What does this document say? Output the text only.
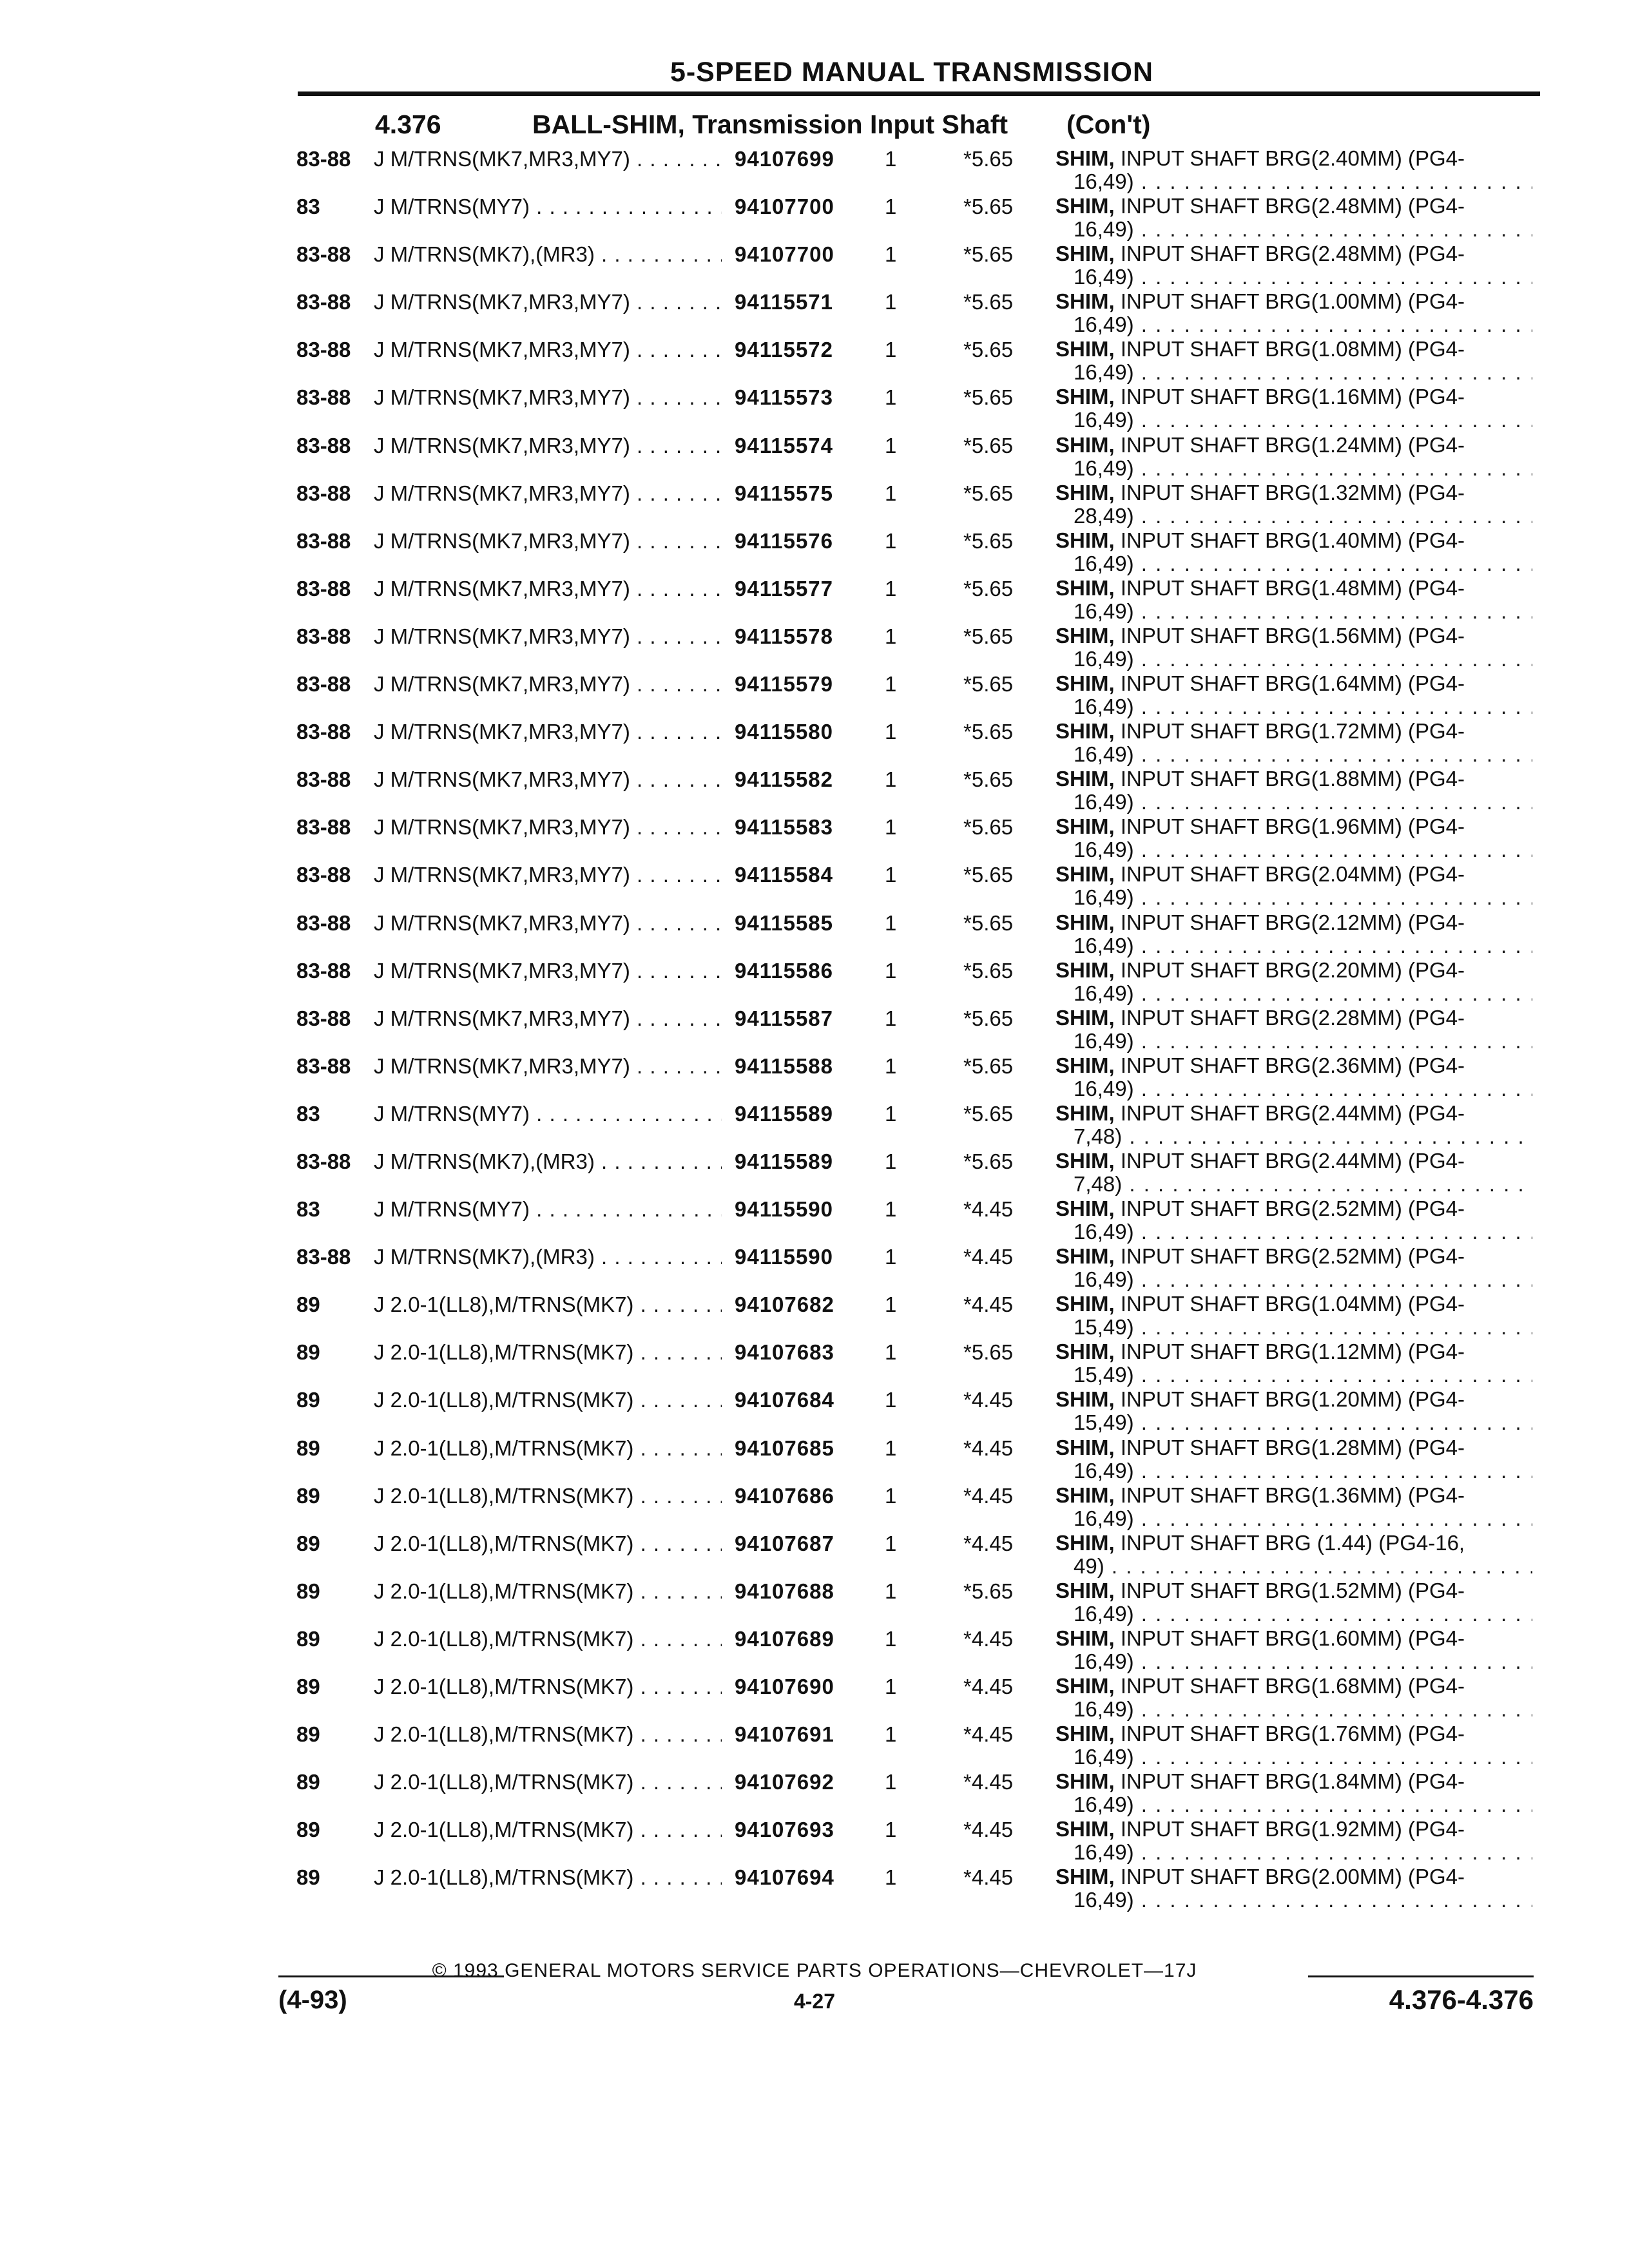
5-SPEED MANUAL TRANSMISSION
4.376	BALL-SHIM, Transmission Input Shaft (Con't)
83-88 J M/TRNS(MK7,MR3,MY7) . . .	94107699 1	*5.65 SHIM, INPUT SHAFT BRG(2.40MM) (PG4-
16,49) . . .
83	J M/TRNS(MY7) . . .	94107700 1	*5.65 SHIM, INPUT SHAFT BRG(2.48MM) (PG4-
16,49) . . .
83-88 J M/TRNS(MK7),(MR3) . . .	94107700 1	*5.65 SHIM, INPUT SHAFT BRG(2.48MM) (PG4-
16,49) . . .
83-88 J M/TRNS(MK7,MR3,MY7) . . .	94115571 1	*5.65 SHIM, INPUT SHAFT BRG(1.00MM) (PG4-
16,49) . . .
83-88 J M/TRNS(MK7,MR3,MY7) . . .	94115572 1	*5.65 SHIM, INPUT SHAFT BRG(1.08MM) (PG4-
16,49) . . .
83-88 J M/TRNS(MK7,MR3,MY7) . . .	94115573 1	*5.65 SHIM, INPUT SHAFT BRG(1.16MM) (PG4-
16,49) . . .
83-88 J M/TRNS(MK7,MR3,MY7) . . .	94115574 1	*5.65 SHIM, INPUT SHAFT BRG(1.24MM) (PG4-
16,49) . . .
83-88 J M/TRNS(MK7,MR3,MY7) . . .	94115575 1	*5.65 SHIM, INPUT SHAFT BRG(1.32MM) (PG4-
28,49) . . .
83-88 J M/TRNS(MK7,MR3,MY7) . . .	94115576 1	*5.65 SHIM, INPUT SHAFT BRG(1.40MM) (PG4-
16,49) . . .
83-88 J M/TRNS(MK7,MR3,MY7) . . .	94115577 1	*5.65 SHIM, INPUT SHAFT BRG(1.48MM) (PG4-
16,49) . . .
83-88 J M/TRNS(MK7,MR3,MY7) . . .	94115578 1	*5.65 SHIM, INPUT SHAFT BRG(1.56MM) (PG4-
16,49) . . .
83-88 J M/TRNS(MK7,MR3,MY7) . . .	94115579 1	*5.65 SHIM, INPUT SHAFT BRG(1.64MM) (PG4-
16,49) . . .
83-88 J M/TRNS(MK7,MR3,MY7) . . .	94115580 1	*5.65 SHIM, INPUT SHAFT BRG(1.72MM) (PG4-
16,49) . . .
83-88 J M/TRNS(MK7,MR3,MY7) . . .	94115582 1	*5.65 SHIM, INPUT SHAFT BRG(1.88MM) (PG4-
16,49) . . .
83-88 J M/TRNS(MK7,MR3,MY7) . . .	94115583 1	*5.65 SHIM, INPUT SHAFT BRG(1.96MM) (PG4-
16,49) . . .
83-88 J M/TRNS(MK7,MR3,MY7) . . .	94115584 1	*5.65 SHIM, INPUT SHAFT BRG(2.04MM) (PG4-
16,49) . . .
83-88 J M/TRNS(MK7,MR3,MY7) . . .	94115585 1	*5.65 SHIM, INPUT SHAFT BRG(2.12MM) (PG4-
16,49) . . .
83-88 J M/TRNS(MK7,MR3,MY7) . . .	94115586 1	*5.65 SHIM, INPUT SHAFT BRG(2.20MM) (PG4-
16,49) . . .
83-88 J M/TRNS(MK7,MR3,MY7) . . .	94115587 1	*5.65 SHIM, INPUT SHAFT BRG(2.28MM) (PG4-
16,49) . . .
83-88 J M/TRNS(MK7,MR3,MY7) . . .	94115588 1	*5.65 SHIM, INPUT SHAFT BRG(2.36MM) (PG4-
16,49) . . .
83	J M/TRNS(MY7) . . .	94115589 1	*5.65 SHIM, INPUT SHAFT BRG(2.44MM) (PG4-
7,48) . . .
83-88 J M/TRNS(MK7),(MR3) . . .	94115589 1	*5.65 SHIM, INPUT SHAFT BRG(2.44MM) (PG4-
7,48) . . .
83	J M/TRNS(MY7) . . .	94115590 1	*4.45 SHIM, INPUT SHAFT BRG(2.52MM) (PG4-
16,49) . . .
83-88 J M/TRNS(MK7),(MR3) . . .	94115590 1	*4.45 SHIM, INPUT SHAFT BRG(2.52MM) (PG4-
16,49) . . .
89	J 2.0-1(LL8),M/TRNS(MK7) . . .	94107682 1	*4.45 SHIM, INPUT SHAFT BRG(1.04MM) (PG4-
15,49) . . .
89	J 2.0-1(LL8),M/TRNS(MK7) . . .	94107683 1	*5.65 SHIM, INPUT SHAFT BRG(1.12MM) (PG4-
15,49) . . .
89	J 2.0-1(LL8),M/TRNS(MK7) . . .	94107684 1	*4.45 SHIM, INPUT SHAFT BRG(1.20MM) (PG4-
15,49) . . .
89	J 2.0-1(LL8),M/TRNS(MK7) . . .	94107685 1	*4.45 SHIM, INPUT SHAFT BRG(1.28MM) (PG4-
16,49) . . .
89	J 2.0-1(LL8),M/TRNS(MK7) . . .	94107686 1	*4.45 SHIM, INPUT SHAFT BRG(1.36MM) (PG4-
16,49) . . .
89	J 2.0-1(LL8),M/TRNS(MK7) . . .	94107687 1	*4.45 SHIM, INPUT SHAFT BRG (1.44) (PG4-16,
49) . . .
89	J 2.0-1(LL8),M/TRNS(MK7) . . .	94107688 1	*5.65 SHIM, INPUT SHAFT BRG(1.52MM) (PG4-
16,49) . . .
89	J 2.0-1(LL8),M/TRNS(MK7) . . .	94107689 1	*4.45 SHIM, INPUT SHAFT BRG(1.60MM) (PG4-
16,49) . . .
89	J 2.0-1(LL8),M/TRNS(MK7) . . .	94107690 1	*4.45 SHIM, INPUT SHAFT BRG(1.68MM) (PG4-
16,49) . . .
89	J 2.0-1(LL8),M/TRNS(MK7) . . .	94107691 1	*4.45 SHIM, INPUT SHAFT BRG(1.76MM) (PG4-
16,49) . . .
89	J 2.0-1(LL8),M/TRNS(MK7) . . .	94107692 1	*4.45 SHIM, INPUT SHAFT BRG(1.84MM) (PG4-
16,49) . . .
89	J 2.0-1(LL8),M/TRNS(MK7) . . .	94107693 1	*4.45 SHIM, INPUT SHAFT BRG(1.92MM) (PG4-
16,49) . . .
89	J 2.0-1(LL8),M/TRNS(MK7) . . .	94107694 1	*4.45 SHIM, INPUT SHAFT BRG(2.00MM) (PG4-
16,49) . . .
© 1993 GENERAL MOTORS SERVICE PARTS OPERATIONS—CHEVROLET—17J
(4-93)	4-27	4.376-4.376
